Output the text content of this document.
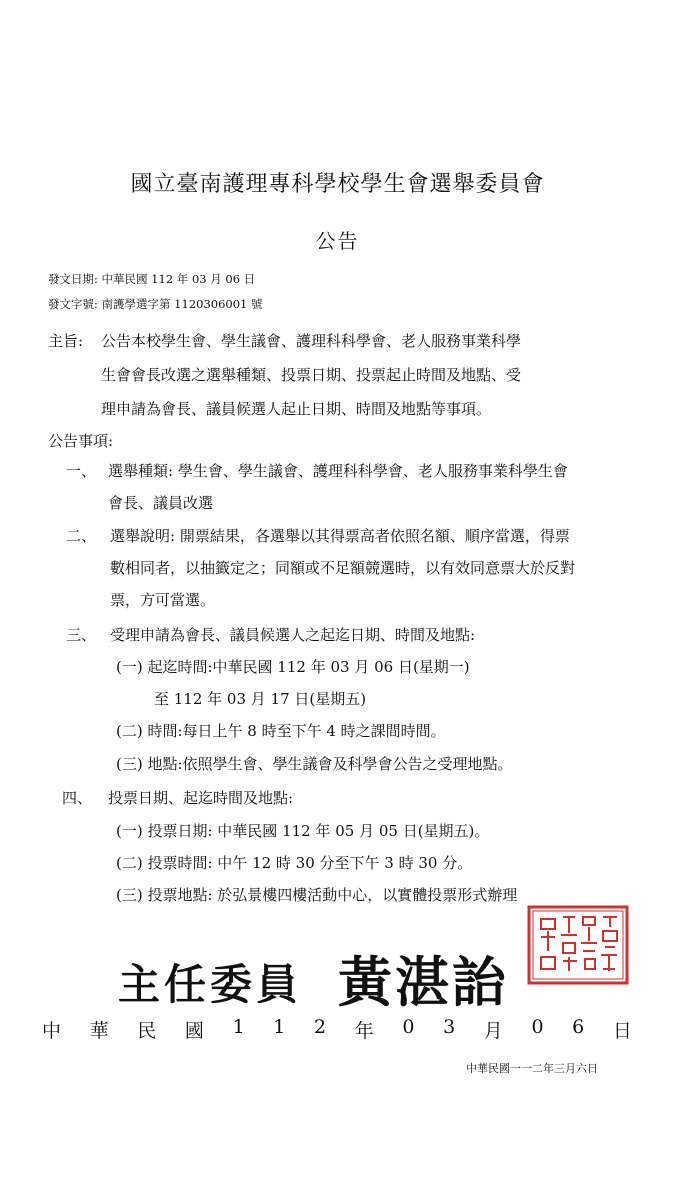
國立臺南護理專科學校學生會選舉委員會
公告
發文日期: 中華民國 112 年 03 月 06 日
發文字號: 南護學選字第 1120306001 號
主旨: 公告本校學生會、學生議會、護理科科學會、老人服務事業科學
生會會長改選之選舉種類、投票日期、投票起止時間及地點、受
理申請為會長、議員候選人起止日期、時間及地點等事項。
公告事項:
一、 選舉種類: 學生會、學生議會、護理科科學會、老人服務事業科學生會
會長、議員改選
二、 選舉說明: 開票結果，各選舉以其得票高者依照名額、順序當選，得票
數相同者，以抽籤定之；同額或不足額競選時，以有效同意票大於反對
票，方可當選。
三、 受理申請為會長、議員候選人之起迄日期、時間及地點:
(一) 起迄時間:中華民國 112 年 03 月 06 日(星期一)
至 112 年 03 月 17 日(星期五)
(二) 時間:每日上午 8 時至下午 4 時之課間時間。
(三) 地點:依照學生會、學生議會及科學會公告之受理地點。
四、 投票日期、起迄時間及地點:
(一) 投票日期: 中華民國 112 年 05 月 05 日(星期五)。
(二) 投票時間: 中午 12 時 30 分至下午 3 時 30 分。
(三) 投票地點: 於弘景樓四樓活動中心，以實體投票形式辦理
主任委員 黃湛詒
中 華 民 國 1 1 2 年 0 3 月 0 6 日
中華民國一一二年三月六日
